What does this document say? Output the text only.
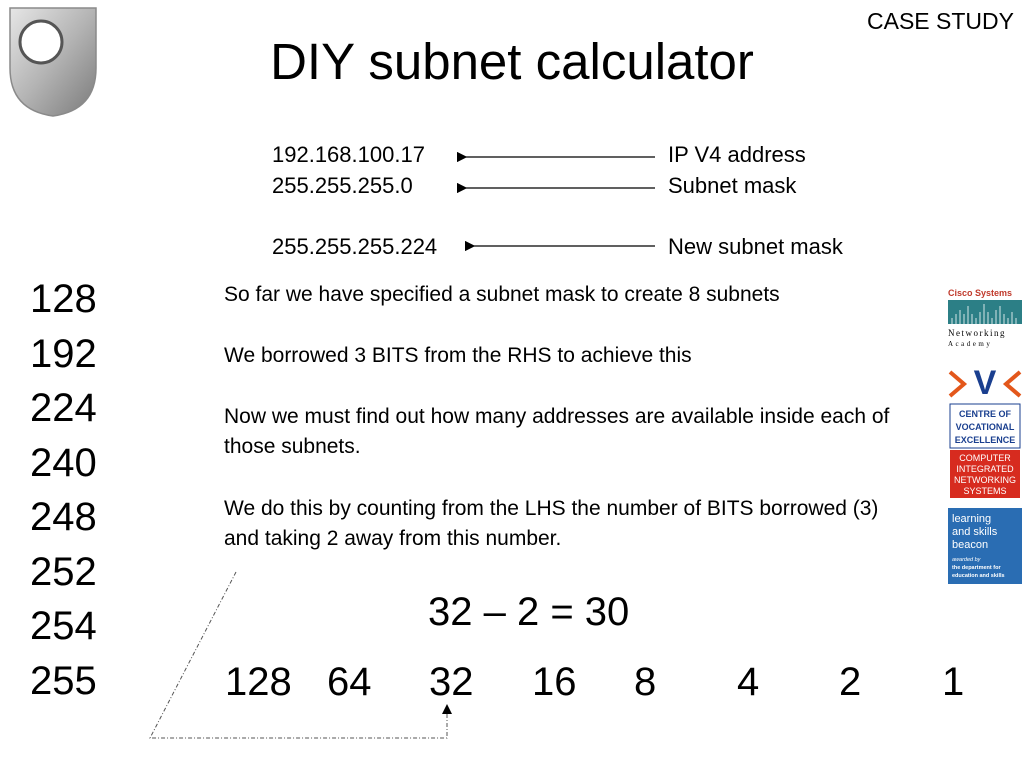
CASE STUDY
DIY subnet calculator
192.168.100.17
255.255.255.0
255.255.255.224
IP V4 address
Subnet mask
New subnet mask
128
192
224
240
248
252
254
255
So far we have specified a subnet mask to create 8 subnets
We borrowed 3 BITS from the RHS to achieve this
Now we must find out how many addresses are available inside each of those subnets.
We do this by counting from the LHS the number of BITS borrowed (3) and taking 2 away from this number.
32 – 2 = 30
128 64 32 16 8 4 2 1
Cisco Systems
Networking
Academy
V
CENTRE OF
VOCATIONAL
EXCELLENCE
COMPUTER
INTEGRATED
NETWORKING
SYSTEMS
learning
and skills
beacon
awarded by
the department for
education and skills
